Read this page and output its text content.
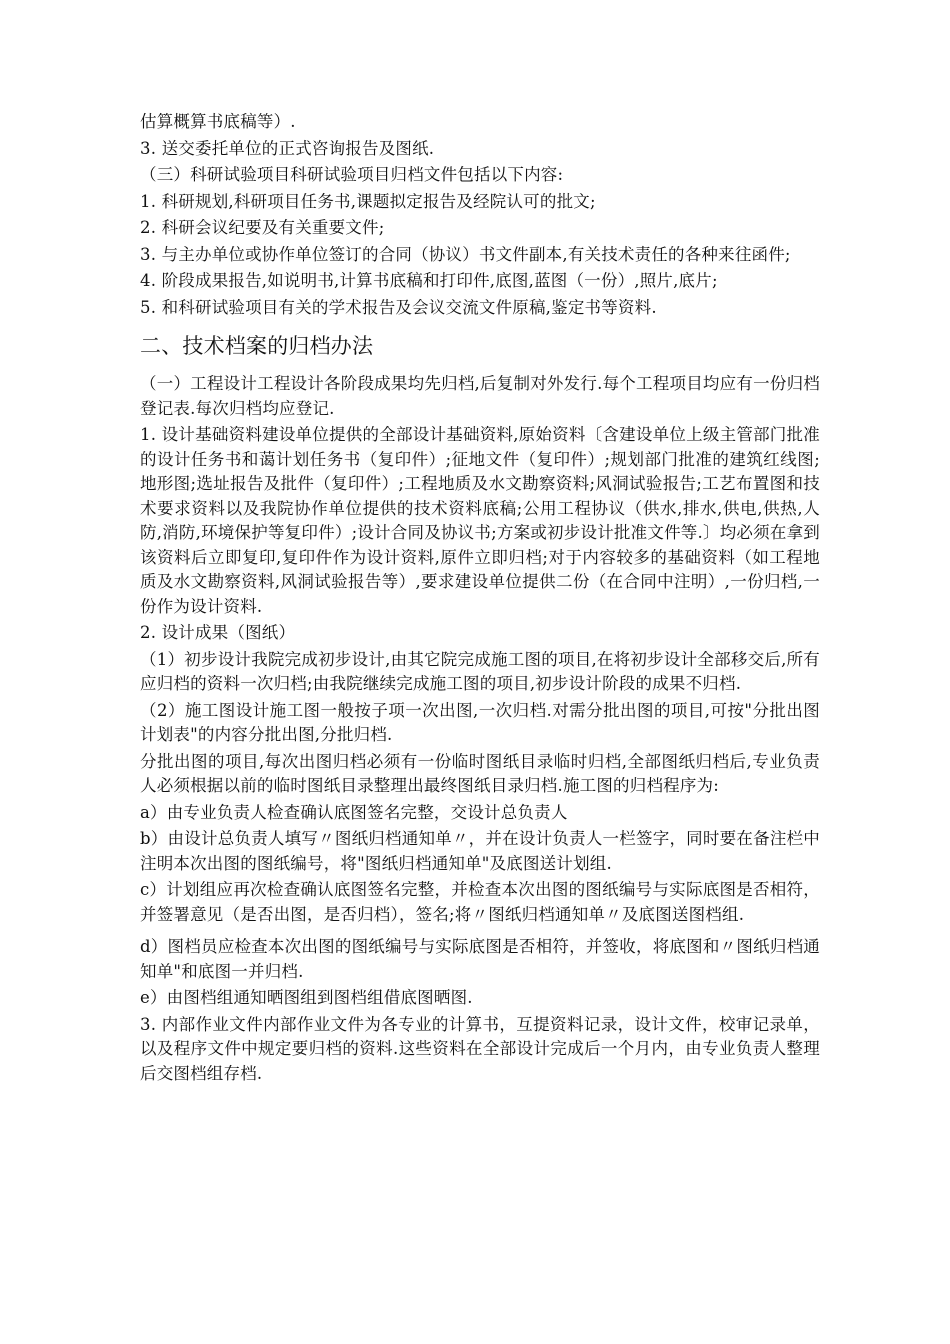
估算概算书底稿等）.

3. 送交委托单位的正式咨询报告及图纸.

（三）科研试验项目科研试验项目归档文件包括以下内容:

1. 科研规划,科研项目任务书,课题拟定报告及经院认可的批文;

2. 科研会议纪要及有关重要文件;

3. 与主办单位或协作单位签订的合同（协议）书文件副本,有关技术责任的各种来往函件;

4. 阶段成果报告,如说明书,计算书底稿和打印件,底图,蓝图（一份）,照片,底片;

5. 和科研试验项目有关的学术报告及会议交流文件原稿,鉴定书等资料.

二、技术档案的归档办法

（一）工程设计工程设计各阶段成果均先归档,后复制对外发行.每个工程项目均应有一份归档登记表.每次归档均应登记.

1. 设计基础资料建设单位提供的全部设计基础资料,原始资料〔含建设单位上级主管部门批准的设计任务书和蔼计划任务书（复印件）;征地文件（复印件）;规划部门批准的建筑红线图;地形图;选址报告及批件（复印件）;工程地质及水文勘察资料;风洞试验报告;工艺布置图和技术要求资料以及我院协作单位提供的技术资料底稿;公用工程协议（供水,排水,供电,供热,人防,消防,环境保护等复印件）;设计合同及协议书;方案或初步设计批准文件等.〕均必须在拿到该资料后立即复印,复印件作为设计资料,原件立即归档;对于内容较多的基础资料（如工程地质及水文勘察资料,风洞试验报告等）,要求建设单位提供二份（在合同中注明）,一份归档,一份作为设计资料.

2. 设计成果（图纸）

（1）初步设计我院完成初步设计,由其它院完成施工图的项目,在将初步设计全部移交后,所有应归档的资料一次归档;由我院继续完成施工图的项目,初步设计阶段的成果不归档.

（2）施工图设计施工图一般按子项一次出图,一次归档.对需分批出图的项目,可按"分批出图计划表"的内容分批出图,分批归档.

分批出图的项目,每次出图归档必须有一份临时图纸目录临时归档,全部图纸归档后,专业负责人必须根据以前的临时图纸目录整理出最终图纸目录归档.施工图的归档程序为:

a）由专业负责人检查确认底图签名完整，交设计总负责人

b）由设计总负责人填写〃图纸归档通知单〃，并在设计负责人一栏签字，同时要在备注栏中注明本次出图的图纸编号，将"图纸归档通知单"及底图送计划组.

c）计划组应再次检查确认底图签名完整，并检查本次出图的图纸编号与实际底图是否相符，并签署意见（是否出图，是否归档），签名;将〃图纸归档通知单〃及底图送图档组.

d）图档员应检查本次出图的图纸编号与实际底图是否相符，并签收，将底图和〃图纸归档通知单"和底图一并归档.

e）由图档组通知晒图组到图档组借底图晒图.

3. 内部作业文件内部作业文件为各专业的计算书，互提资料记录，设计文件，校审记录单，以及程序文件中规定要归档的资料.这些资料在全部设计完成后一个月内，由专业负责人整理后交图档组存档.
